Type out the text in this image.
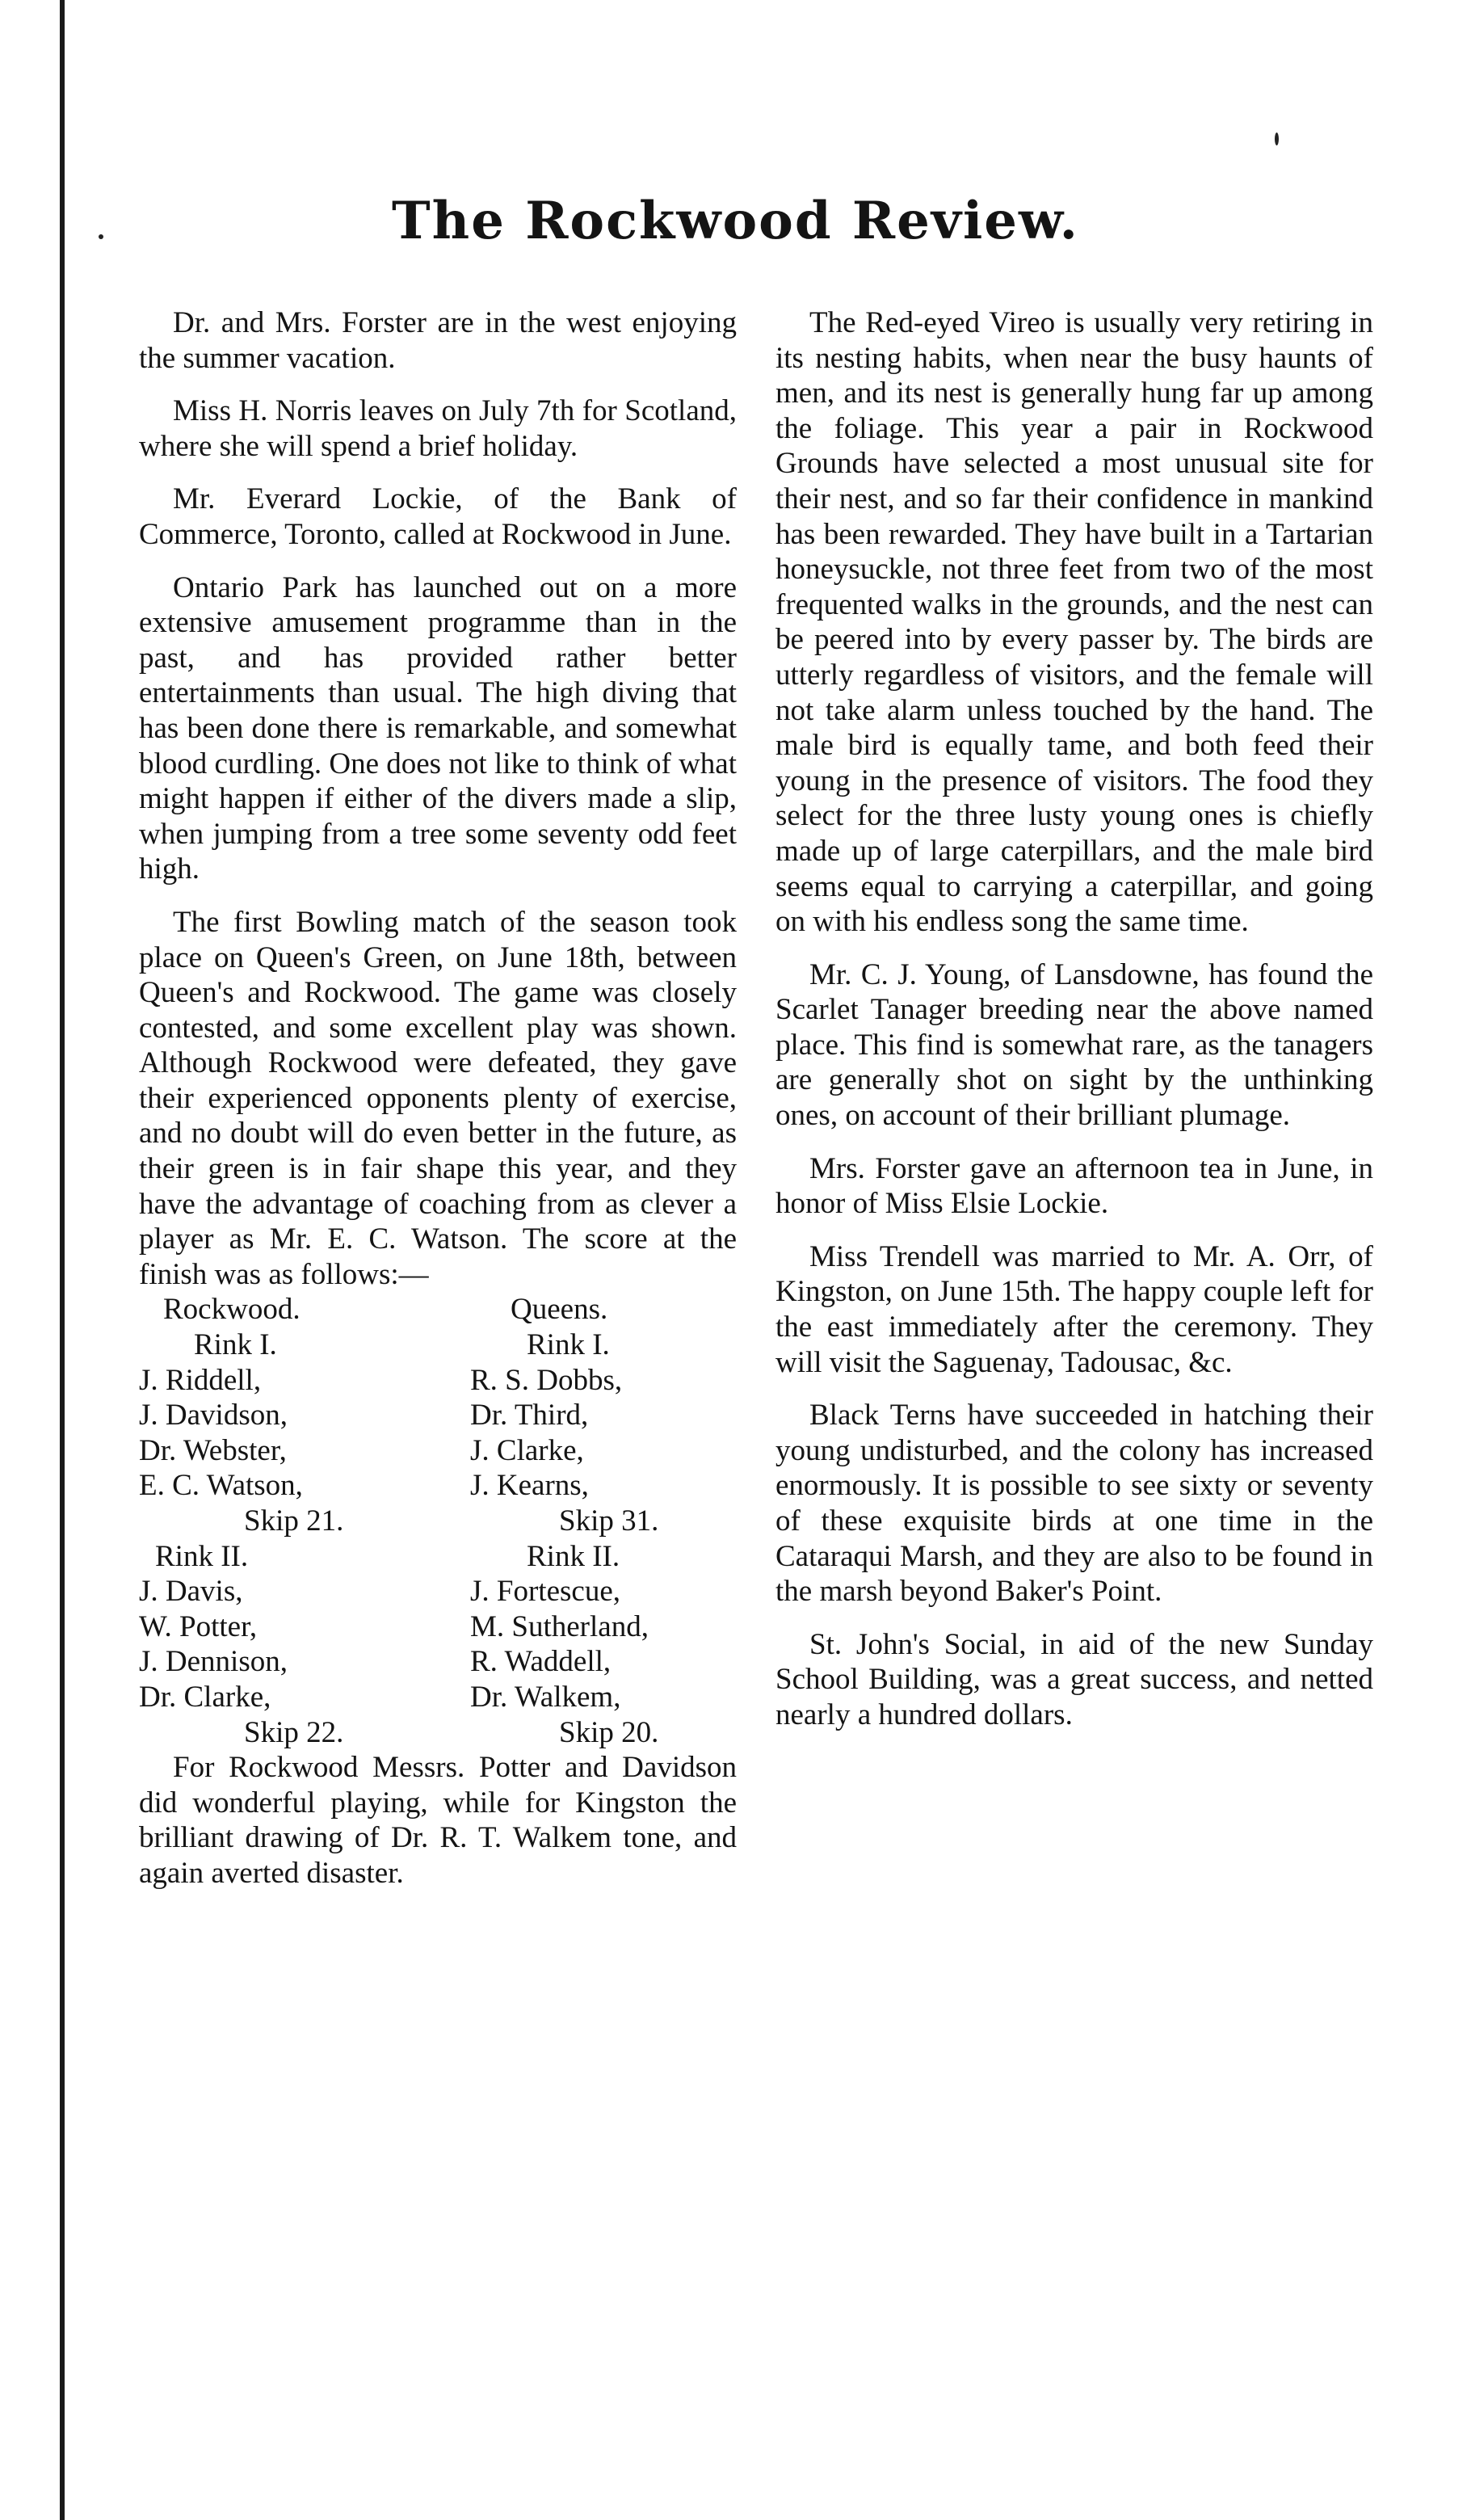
The Rockwood Review.

Dr. and Mrs. Forster are in the west enjoying the summer vacation.

Miss H. Norris leaves on July 7th for Scotland, where she will spend a brief holiday.

Mr. Everard Lockie, of the Bank of Commerce, Toronto, called at Rockwood in June.

Ontario Park has launched out on a more extensive amusement programme than in the past, and has provided rather better entertainments than usual. The high diving that has been done there is remarkable, and somewhat blood curdling. One does not like to think of what might happen if either of the divers made a slip, when jumping from a tree some seventy odd feet high.

The first Bowling match of the season took place on Queen's Green, on June 18th, between Queen's and Rockwood. The game was closely contested, and some excellent play was shown. Although Rockwood were defeated, they gave their experienced opponents plenty of exercise, and no doubt will do even better in the future, as their green is in fair shape this year, and they have the advantage of coaching from as clever a player as Mr. E. C. Watson. The score at the finish was as follows:—

Rockwood.	Queens.
Rink I.	Rink I.
J. Riddell,	R. S. Dobbs,
J. Davidson,	Dr. Third,
Dr. Webster,	J. Clarke,
E. C. Watson,	J. Kearns,
Skip 21.	Skip 31.
Rink II.	Rink II.
J. Davis,	J. Fortescue,
W. Potter,	M. Sutherland,
J. Dennison,	R. Waddell,
Dr. Clarke,	Dr. Walkem,
Skip 22.	Skip 20.

For Rockwood Messrs. Potter and Davidson did wonderful playing, while for Kingston the brilliant drawing of Dr. R. T. Walkem tone, and again averted disaster.

The Red-eyed Vireo is usually very retiring in its nesting habits, when near the busy haunts of men, and its nest is generally hung far up among the foliage. This year a pair in Rockwood Grounds have selected a most unusual site for their nest, and so far their confidence in mankind has been rewarded. They have built in a Tartarian honeysuckle, not three feet from two of the most frequented walks in the grounds, and the nest can be peered into by every passer by. The birds are utterly regardless of visitors, and the female will not take alarm unless touched by the hand. The male bird is equally tame, and both feed their young in the presence of visitors. The food they select for the three lusty young ones is chiefly made up of large caterpillars, and the male bird seems equal to carrying a caterpillar, and going on with his endless song the same time.

Mr. C. J. Young, of Lansdowne, has found the Scarlet Tanager breeding near the above named place. This find is somewhat rare, as the tanagers are generally shot on sight by the unthinking ones, on account of their brilliant plumage.

Mrs. Forster gave an afternoon tea in June, in honor of Miss Elsie Lockie.

Miss Trendell was married to Mr. A. Orr, of Kingston, on June 15th. The happy couple left for the east immediately after the ceremony. They will visit the Saguenay, Tadousac, &c.

Black Terns have succeeded in hatching their young undisturbed, and the colony has increased enormously. It is possible to see sixty or seventy of these exquisite birds at one time in the Cataraqui Marsh, and they are also to be found in the marsh beyond Baker's Point.

St. John's Social, in aid of the new Sunday School Building, was a great success, and netted nearly a hundred dollars.
